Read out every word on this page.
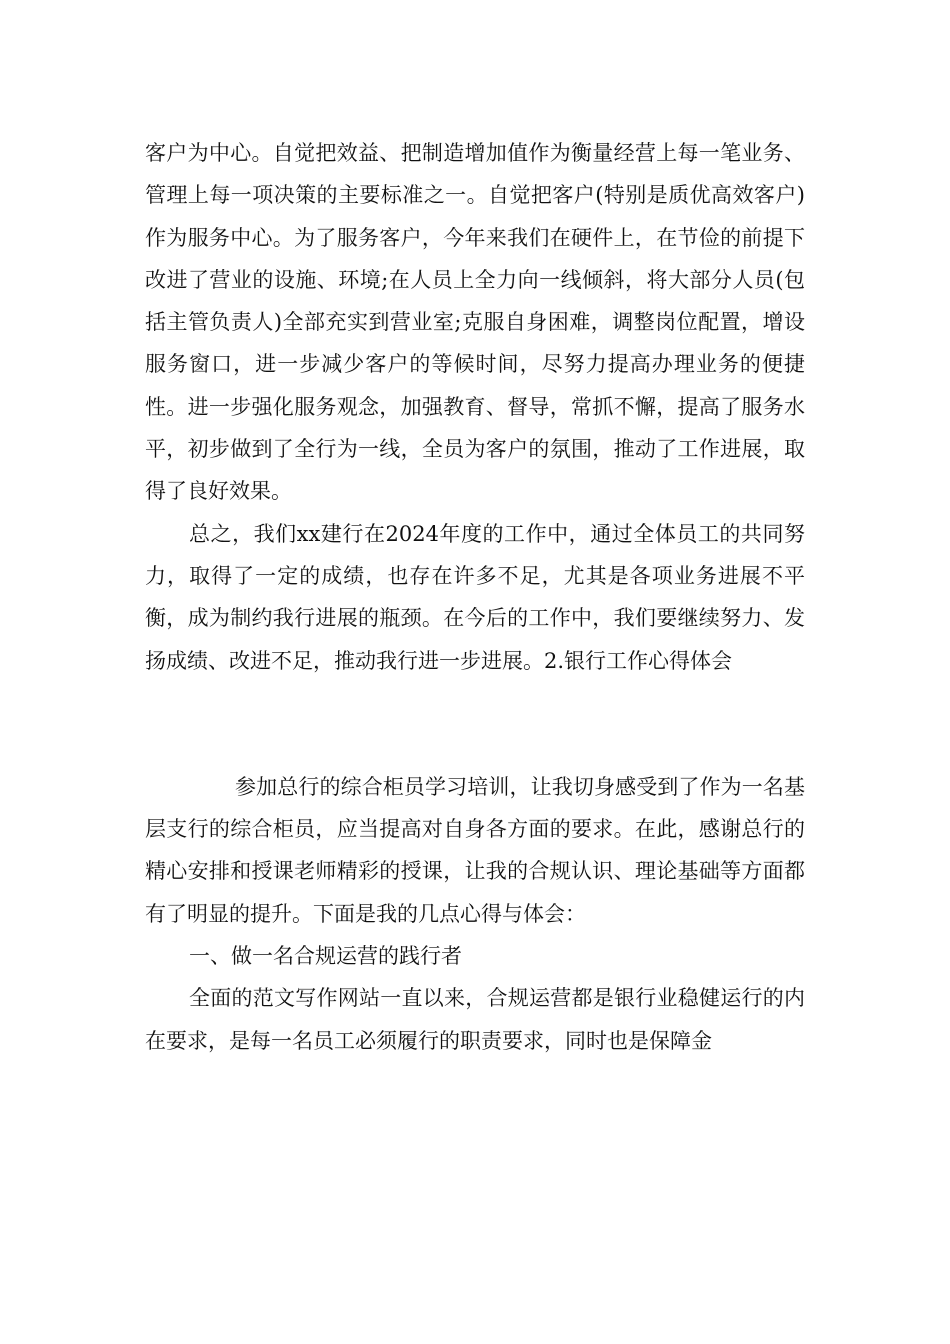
客户为中心。自觉把效益、把制造增加值作为衡量经营上每一笔业务、管理上每一项决策的主要标准之一。自觉把客户(特别是质优高效客户)作为服务中心。为了服务客户，今年来我们在硬件上，在节俭的前提下改进了营业的设施、环境;在人员上全力向一线倾斜，将大部分人员(包括主管负责人)全部充实到营业室;克服自身困难，调整岗位配置，增设服务窗口，进一步减少客户的等候时间，尽努力提高办理业务的便捷性。进一步强化服务观念，加强教育、督导，常抓不懈，提高了服务水平，初步做到了全行为一线，全员为客户的氛围，推动了工作进展，取得了良好效果。

总之，我们xx建行在2024年度的工作中，通过全体员工的共同努力，取得了一定的成绩，也存在许多不足，尤其是各项业务进展不平衡，成为制约我行进展的瓶颈。在今后的工作中，我们要继续努力、发扬成绩、改进不足，推动我行进一步进展。2.银行工作心得体会

参加总行的综合柜员学习培训，让我切身感受到了作为一名基层支行的综合柜员，应当提高对自身各方面的要求。在此，感谢总行的精心安排和授课老师精彩的授课，让我的合规认识、理论基础等方面都有了明显的提升。下面是我的几点心得与体会：

一、做一名合规运营的践行者

全面的范文写作网站一直以来，合规运营都是银行业稳健运行的内在要求，是每一名员工必须履行的职责要求，同时也是保障金
